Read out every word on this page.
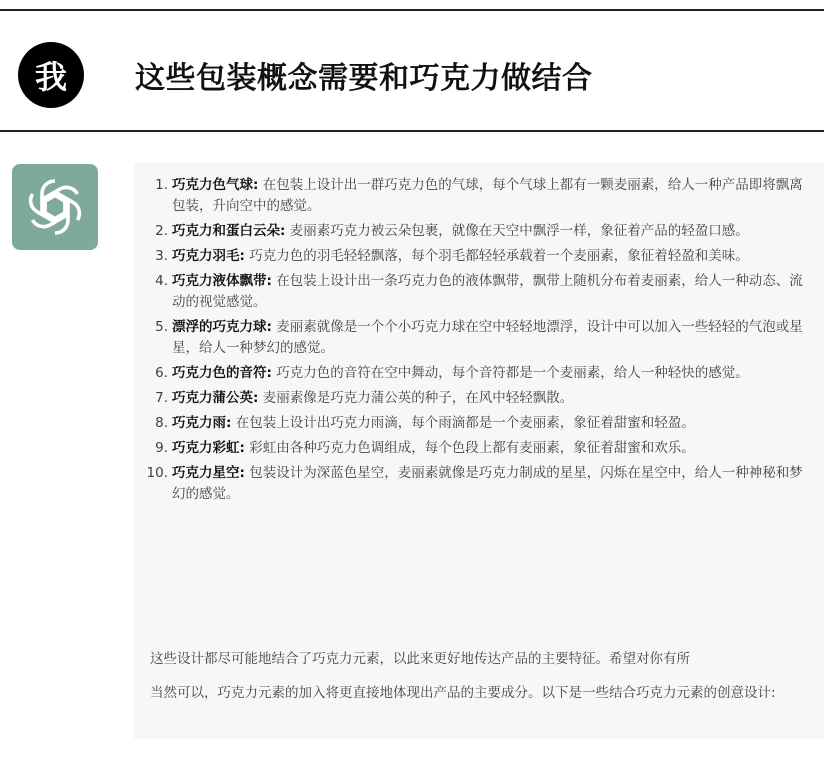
我 这些包装概念需要和巧克力做结合
1. 巧克力色气球: 在包装上设计出一群巧克力色的气球，每个气球上都有一颗麦丽素，给人一种产品即将飘离包装，升向空中的感觉。
2. 巧克力和蛋白云朵: 麦丽素巧克力被云朵包裹，就像在天空中飘浮一样，象征着产品的轻盈口感。
3. 巧克力羽毛: 巧克力色的羽毛轻轻飘落，每个羽毛都轻轻承载着一个麦丽素，象征着轻盈和美味。
4. 巧克力液体飘带: 在包装上设计出一条巧克力色的液体飘带，飘带上随机分布着麦丽素，给人一种动态、流动的视觉感觉。
5. 漂浮的巧克力球: 麦丽素就像是一个个小巧克力球在空中轻轻地漂浮，设计中可以加入一些轻轻的气泡或星星，给人一种梦幻的感觉。
6. 巧克力色的音符: 巧克力色的音符在空中舞动，每个音符都是一个麦丽素，给人一种轻快的感觉。
7. 巧克力蒲公英: 麦丽素像是巧克力蒲公英的种子，在风中轻轻飘散。
8. 巧克力雨: 在包装上设计出巧克力雨滴，每个雨滴都是一个麦丽素，象征着甜蜜和轻盈。
9. 巧克力彩虹: 彩虹由各种巧克力色调组成，每个色段上都有麦丽素，象征着甜蜜和欢乐。
10. 巧克力星空: 包装设计为深蓝色星空，麦丽素就像是巧克力制成的星星，闪烁在星空中，给人一种神秘和梦幻的感觉。

这些设计都尽可能地结合了巧克力元素，以此来更好地传达产品的主要特征。希望对你有所

当然可以，巧克力元素的加入将更直接地体现出产品的主要成分。以下是一些结合巧克力元素的创意设计:
